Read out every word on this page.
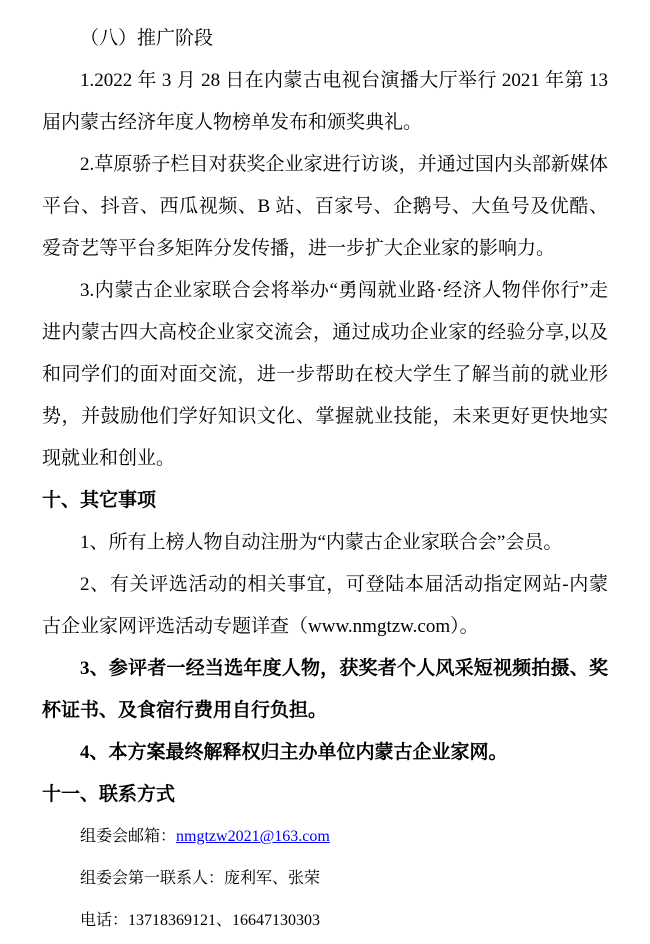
（八）推广阶段

1.2022 年 3 月 28 日在内蒙古电视台演播大厅举行 2021 年第 13 届内蒙古经济年度人物榜单发布和颁奖典礼。

2.草原骄子栏目对获奖企业家进行访谈，并通过国内头部新媒体平台、抖音、西瓜视频、B 站、百家号、企鹅号、大鱼号及优酷、爱奇艺等平台多矩阵分发传播，进一步扩大企业家的影响力。

3.内蒙古企业家联合会将举办“勇闯就业路·经济人物伴你行”走进内蒙古四大高校企业家交流会，通过成功企业家的经验分享,以及和同学们的面对面交流，进一步帮助在校大学生了解当前的就业形势，并鼓励他们学好知识文化、掌握就业技能，未来更好更快地实现就业和创业。

十、其它事项

1、所有上榜人物自动注册为“内蒙古企业家联合会”会员。

2、有关评选活动的相关事宜，可登陆本届活动指定网站-内蒙古企业家网评选活动专题详查（www.nmgtzw.com）。

3、参评者一经当选年度人物，获奖者个人风采短视频拍摄、奖杯证书、及食宿行费用自行负担。

4、本方案最终解释权归主办单位内蒙古企业家网。

十一、联系方式

组委会邮箱：nmgtzw2021@163.com

组委会第一联系人：庞利军、张荣

电话：13718369121、16647130303
